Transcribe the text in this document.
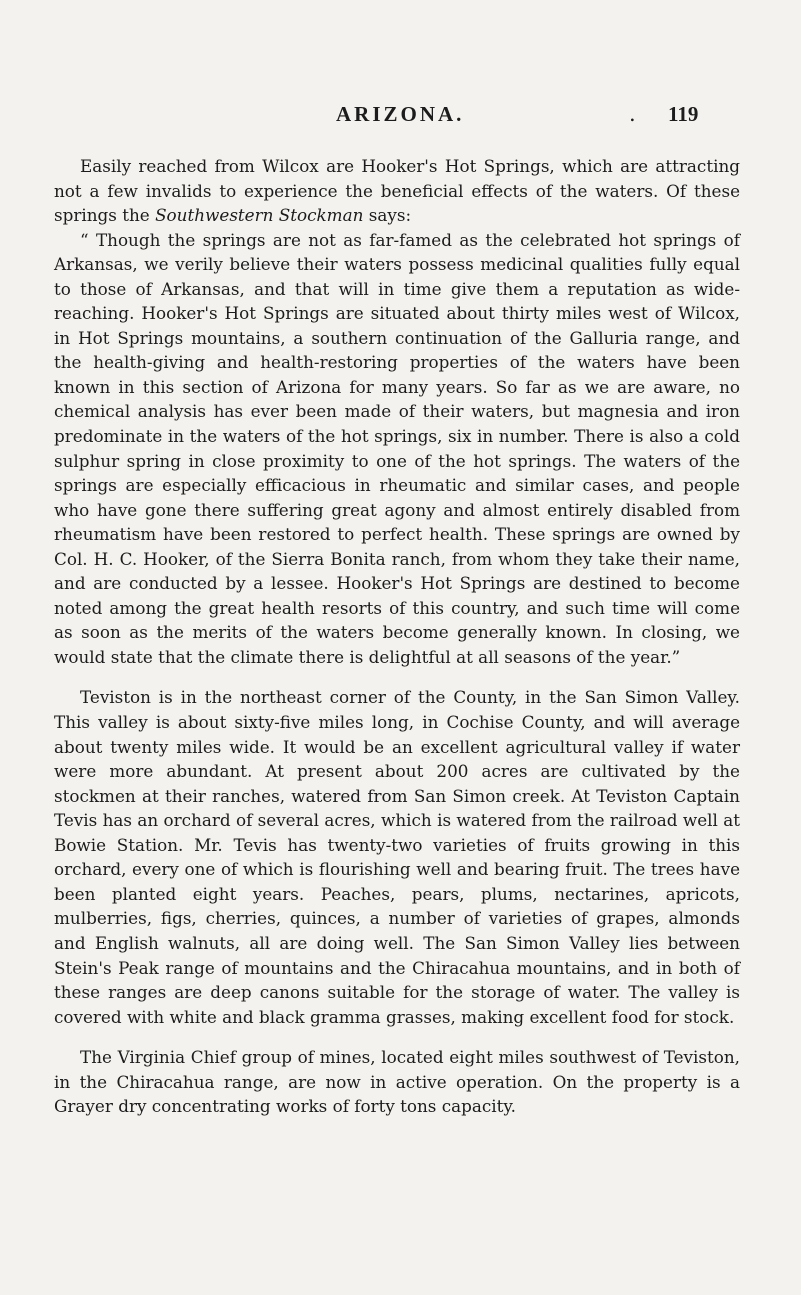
ARIZONA.	. 119

Easily reached from Wilcox are Hooker's Hot Springs, which are attracting not a few invalids to experience the beneficial effects of the waters. Of these springs the Southwestern Stockman says:

“ Though the springs are not as far-famed as the celebrated hot springs of Arkansas, we verily believe their waters possess medicinal qualities fully equal to those of Arkansas, and that will in time give them a reputation as wide-reaching. Hooker's Hot Springs are situated about thirty miles west of Wilcox, in Hot Springs mountains, a southern continuation of the Galluria range, and the health-giving and health-restoring properties of the waters have been known in this section of Arizona for many years. So far as we are aware, no chemical analysis has ever been made of their waters, but magnesia and iron predominate in the waters of the hot springs, six in number. There is also a cold sulphur spring in close proximity to one of the hot springs. The waters of the springs are especially efficacious in rheumatic and similar cases, and people who have gone there suffering great agony and almost entirely disabled from rheumatism have been restored to perfect health. These springs are owned by Col. H. C. Hooker, of the Sierra Bonita ranch, from whom they take their name, and are conducted by a lessee. Hooker's Hot Springs are destined to become noted among the great health resorts of this country, and such time will come as soon as the merits of the waters become generally known. In closing, we would state that the climate there is delightful at all seasons of the year.”

Teviston is in the northeast corner of the County, in the San Simon Valley. This valley is about sixty-five miles long, in Cochise County, and will average about twenty miles wide. It would be an excellent agricultural valley if water were more abundant. At present about 200 acres are cultivated by the stockmen at their ranches, watered from San Simon creek. At Teviston Captain Tevis has an orchard of several acres, which is watered from the railroad well at Bowie Station. Mr. Tevis has twenty-two varieties of fruits growing in this orchard, every one of which is flourishing well and bearing fruit. The trees have been planted eight years. Peaches, pears, plums, nectarines, apricots, mulberries, figs, cherries, quinces, a number of varieties of grapes, almonds and English walnuts, all are doing well. The San Simon Valley lies between Stein's Peak range of mountains and the Chiracahua mountains, and in both of these ranges are deep canons suitable for the storage of water. The valley is covered with white and black gramma grasses, making excellent food for stock.

The Virginia Chief group of mines, located eight miles southwest of Teviston, in the Chiracahua range, are now in active operation. On the property is a Grayer dry concentrating works of forty tons capacity.
